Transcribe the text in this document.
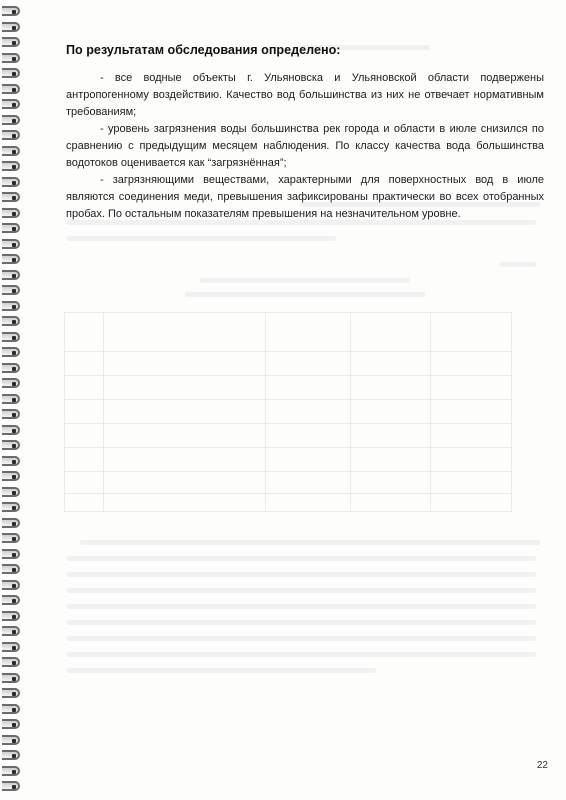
По результатам обследования определено:

- все водные объекты г. Ульяновска и Ульяновской области подвержены антропогенному воздействию. Качество вод большинства из них не отвечает нормативным требованиям;

- уровень загрязнения воды большинства рек города и области в июле снизился по сравнению с предыдущим месяцем наблюдения. По классу качества вода большинства водотоков оценивается как “загрязнённая”;

- загрязняющими веществами, характерными для поверхностных вод в июле являются соединения меди, превышения зафиксированы практически во всех отобранных пробах. По остальным показателям превышения на незначительном уровне.

22
